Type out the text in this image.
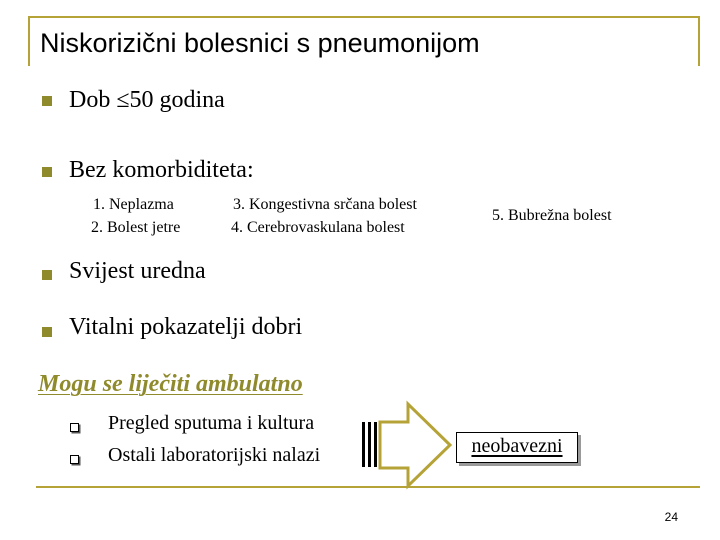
Niskorizični bolesnici s pneumonijom
Dob ≤50 godina
Bez komorbiditeta:
1. Neplazma
2. Bolest jetre
3. Kongestivna srčana bolest
4. Cerebrovaskulana bolest
5. Bubrežna bolest
Svijest uredna
Vitalni pokazatelji dobri
Mogu se liječiti ambulatno
Pregled sputuma i kultura
Ostali laboratorijski nalazi	neobavezni
24
